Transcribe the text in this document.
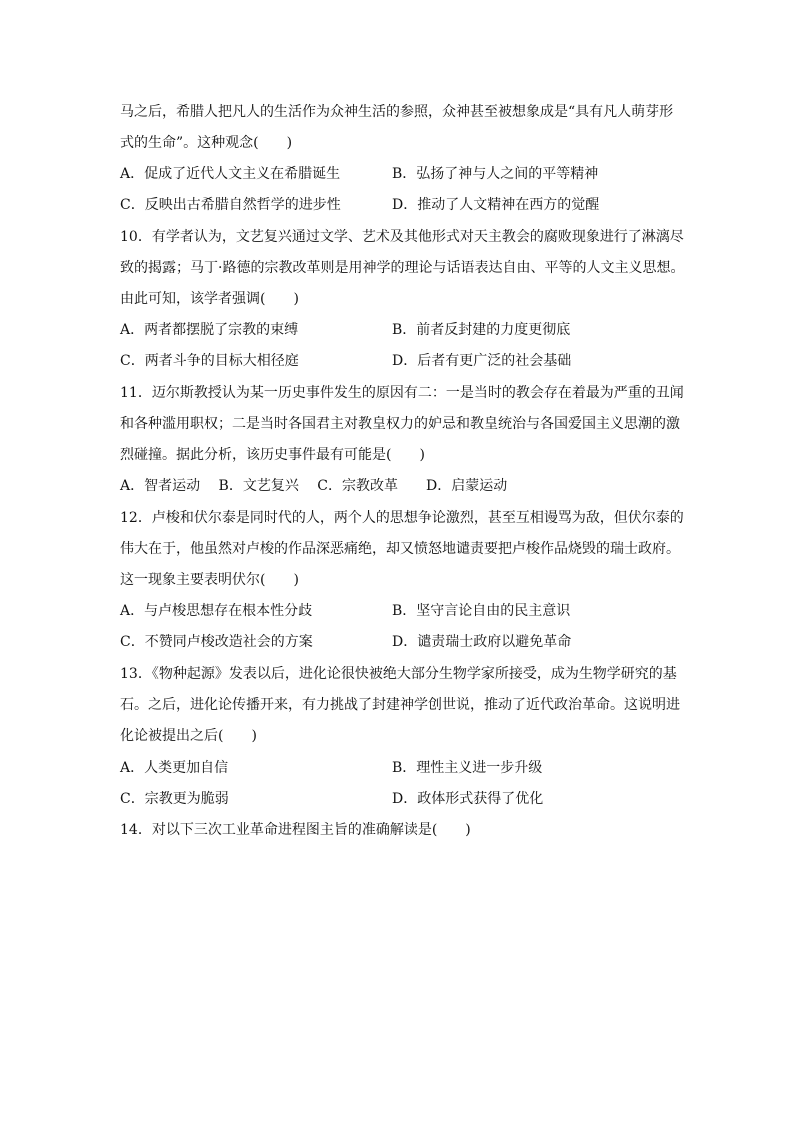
马之后，希腊人把凡人的生活作为众神生活的参照，众神甚至被想象成是“具有凡人萌芽形
式的生命”。这种观念(　　)
A．促成了近代人文主义在希腊诞生	B．弘扬了神与人之间的平等精神
C．反映出古希腊自然哲学的进步性	D．推动了人文精神在西方的觉醒
10．有学者认为，文艺复兴通过文学、艺术及其他形式对天主教会的腐败现象进行了淋漓尽
致的揭露；马丁·路德的宗教改革则是用神学的理论与话语表达自由、平等的人文主义思想。
由此可知，该学者强调(　　)
A．两者都摆脱了宗教的束缚	B．前者反封建的力度更彻底
C．两者斗争的目标大相径庭	D．后者有更广泛的社会基础
11．迈尔斯教授认为某一历史事件发生的原因有二：一是当时的教会存在着最为严重的丑闻
和各种滥用职权；二是当时各国君主对教皇权力的妒忌和教皇统治与各国爱国主义思潮的激
烈碰撞。据此分析，该历史事件最有可能是(　　)
A．智者运动　 B．文艺复兴　 C．宗教改革　　D．启蒙运动
12．卢梭和伏尔泰是同时代的人，两个人的思想争论激烈，甚至互相谩骂为敌，但伏尔泰的
伟大在于，他虽然对卢梭的作品深恶痛绝，却又愤怒地谴责要把卢梭作品烧毁的瑞士政府。
这一现象主要表明伏尔(　　)
A．与卢梭思想存在根本性分歧	B．坚守言论自由的民主意识
C．不赞同卢梭改造社会的方案	D．谴责瑞士政府以避免革命
13．《物种起源》发表以后，进化论很快被绝大部分生物学家所接受，成为生物学研究的基
石。之后，进化论传播开来，有力挑战了封建神学创世说，推动了近代政治革命。这说明进
化论被提出之后(　　)
A．人类更加自信	B．理性主义进一步升级
C．宗教更为脆弱	D．政体形式获得了优化
14．对以下三次工业革命进程图主旨的准确解读是(　　)
